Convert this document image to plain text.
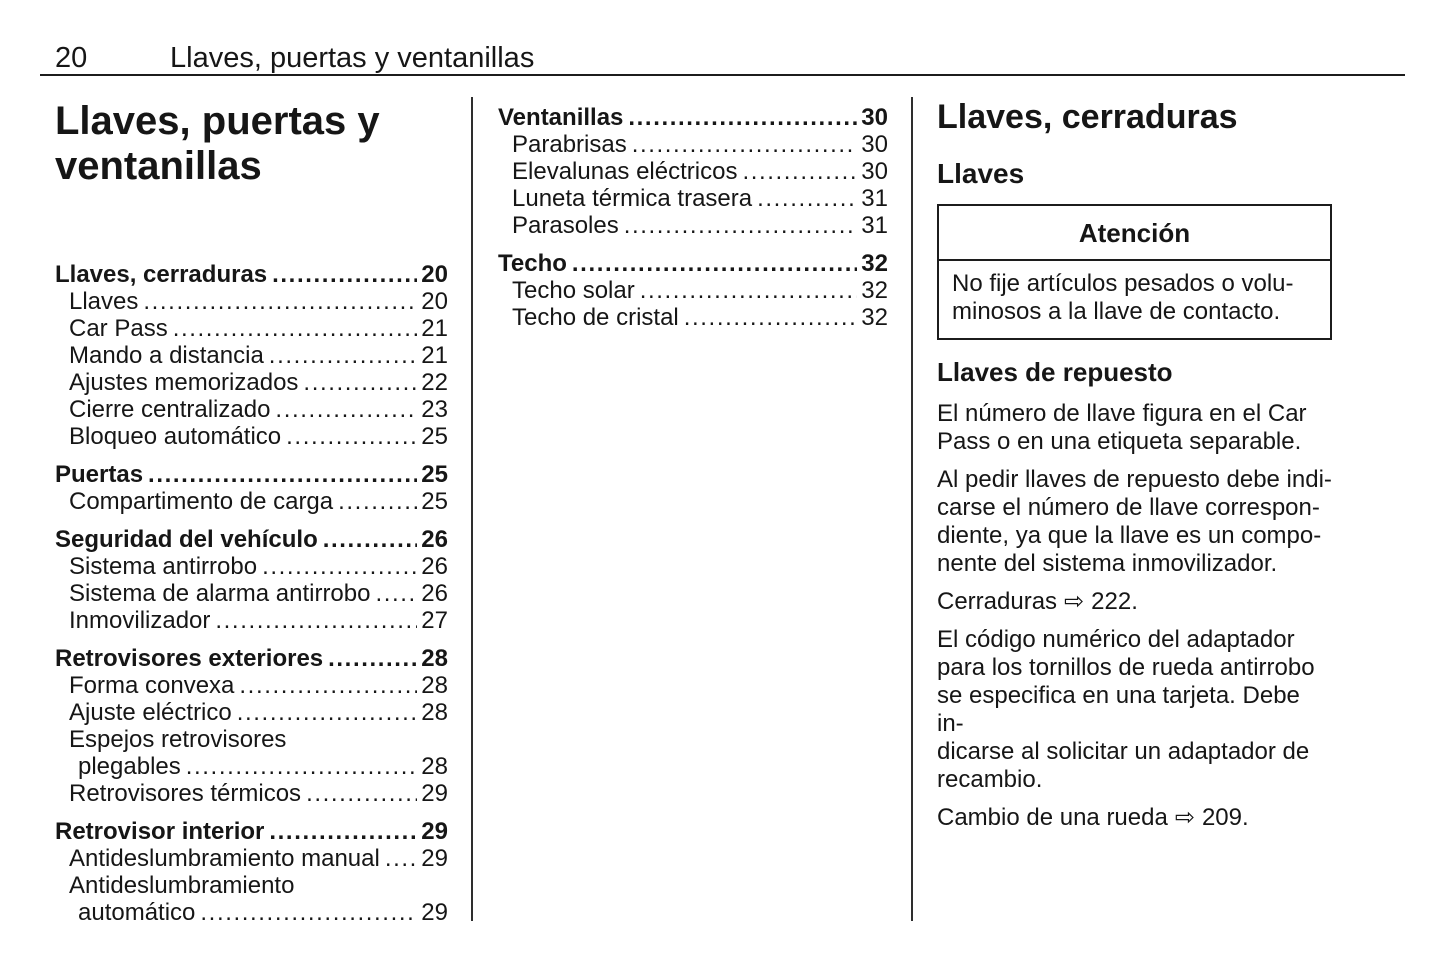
20	Llaves, puertas y ventanillas
Llaves, puertas y ventanillas
Llaves, cerraduras .....	20
Llaves .....	20
Car Pass .....	21
Mando a distancia .....	21
Ajustes memorizados .....	22
Cierre centralizado .....	23
Bloqueo automático .....	25
Puertas .....	25
Compartimento de carga .....	25
Seguridad del vehículo .....	26
Sistema antirrobo .....	26
Sistema de alarma antirrobo ..... 26
Inmovilizador .....	27
Retrovisores exteriores .....	28
Forma convexa .....	28
Ajuste eléctrico .....	28
Espejos retrovisores
plegables .....	28
Retrovisores térmicos .....	29
Retrovisor interior .....	29
Antideslumbramiento manual ..... 29
Antideslumbramiento
automático .....	29
Ventanillas .....	30
Parabrisas .....	30
Elevalunas eléctricos .....	30
Luneta térmica trasera .....	31
Parasoles .....	31
Techo .....	32
Techo solar .....	32
Techo de cristal .....	32
Llaves, cerraduras
Llaves
Atención
No fije artículos pesados o volu-
minosos a la llave de contacto.
Llaves de repuesto
El número de llave figura en el Car
Pass o en una etiqueta separable.
Al pedir llaves de repuesto debe indi-
carse el número de llave correspon-
diente, ya que la llave es un compo-
nente del sistema inmovilizador.
Cerraduras ⇨ 222.
El código numérico del adaptador
para los tornillos de rueda antirrobo
se especifica en una tarjeta. Debe in-
dicarse al solicitar un adaptador de
recambio.
Cambio de una rueda ⇨ 209.
